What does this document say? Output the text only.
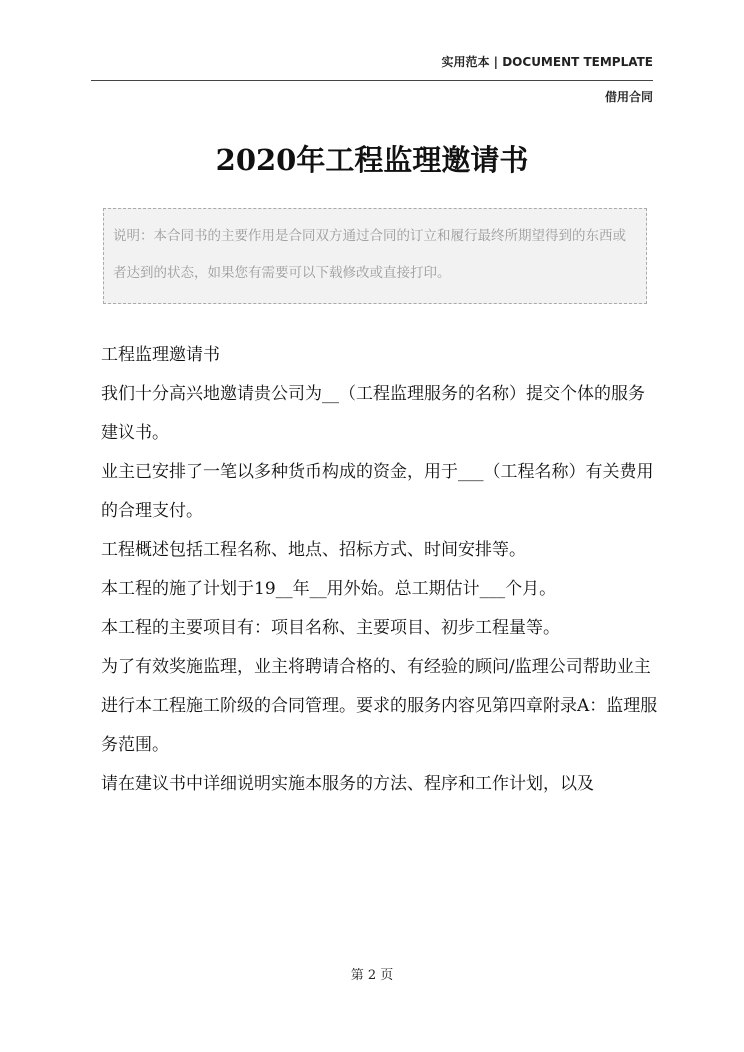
实用范本 | DOCUMENT TEMPLATE
借用合同
2020年工程监理邀请书
说明：本合同书的主要作用是合同双方通过合同的订立和履行最终所期望得到的东西或者达到的状态，如果您有需要可以下载修改或直接打印。

工程监理邀请书

我们十分高兴地邀请贵公司为__（工程监理服务的名称）提交个体的服务建议书。

业主已安排了一笔以多种货币构成的资金，用于___（工程名称）有关费用的合理支付。

工程概述包括工程名称、地点、招标方式、时间安排等。

本工程的施了计划于19__年__用外始。总工期估计___个月。

本工程的主要项目有：项目名称、主要项目、初步工程量等。

为了有效奖施监理，业主将聘请合格的、有经验的顾问/监理公司帮助业主进行本工程施工阶级的合同管理。要求的服务内容见第四章附录A：监理服务范围。

请在建议书中详细说明实施本服务的方法、程序和工作计划，以及

第 2 页
